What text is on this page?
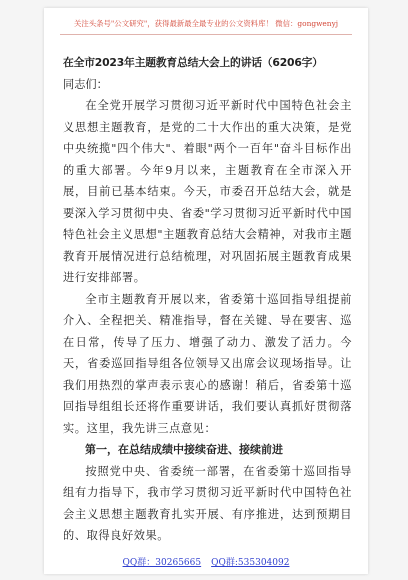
关注头条号"公文研究"，获得最新最全最专业的公文资料库！ 微信：gongwenyj

在全市2023年主题教育总结大会上的讲话（6206字）

同志们：

在全党开展学习贯彻习近平新时代中国特色社会主义思想主题教育，是党的二十大作出的重大决策，是党中央统揽"四个伟大"、着眼"两个一百年"奋斗目标作出的重大部署。今年9月以来，主题教育在全市深入开展，目前已基本结束。今天，市委召开总结大会，就是要深入学习贯彻中央、省委"学习贯彻习近平新时代中国特色社会主义思想"主题教育总结大会精神，对我市主题教育开展情况进行总结梳理，对巩固拓展主题教育成果进行安排部署。

全市主题教育开展以来，省委第十巡回指导组提前介入、全程把关、精准指导，督在关键、导在要害、巡在日常，传导了压力、增强了动力、激发了活力。今天，省委巡回指导组各位领导又出席会议现场指导。让我们用热烈的掌声表示衷心的感谢！稍后，省委第十巡回指导组组长还将作重要讲话，我们要认真抓好贯彻落实。这里，我先讲三点意见：

第一，在总结成绩中接续奋进、接续前进

按照党中央、省委统一部署，在省委第十巡回指导组有力指导下，我市学习贯彻习近平新时代中国特色社会主义思想主题教育扎实开展、有序推进，达到预期目的、取得良好效果。

QQ群：30265665 QQ群:535304092
